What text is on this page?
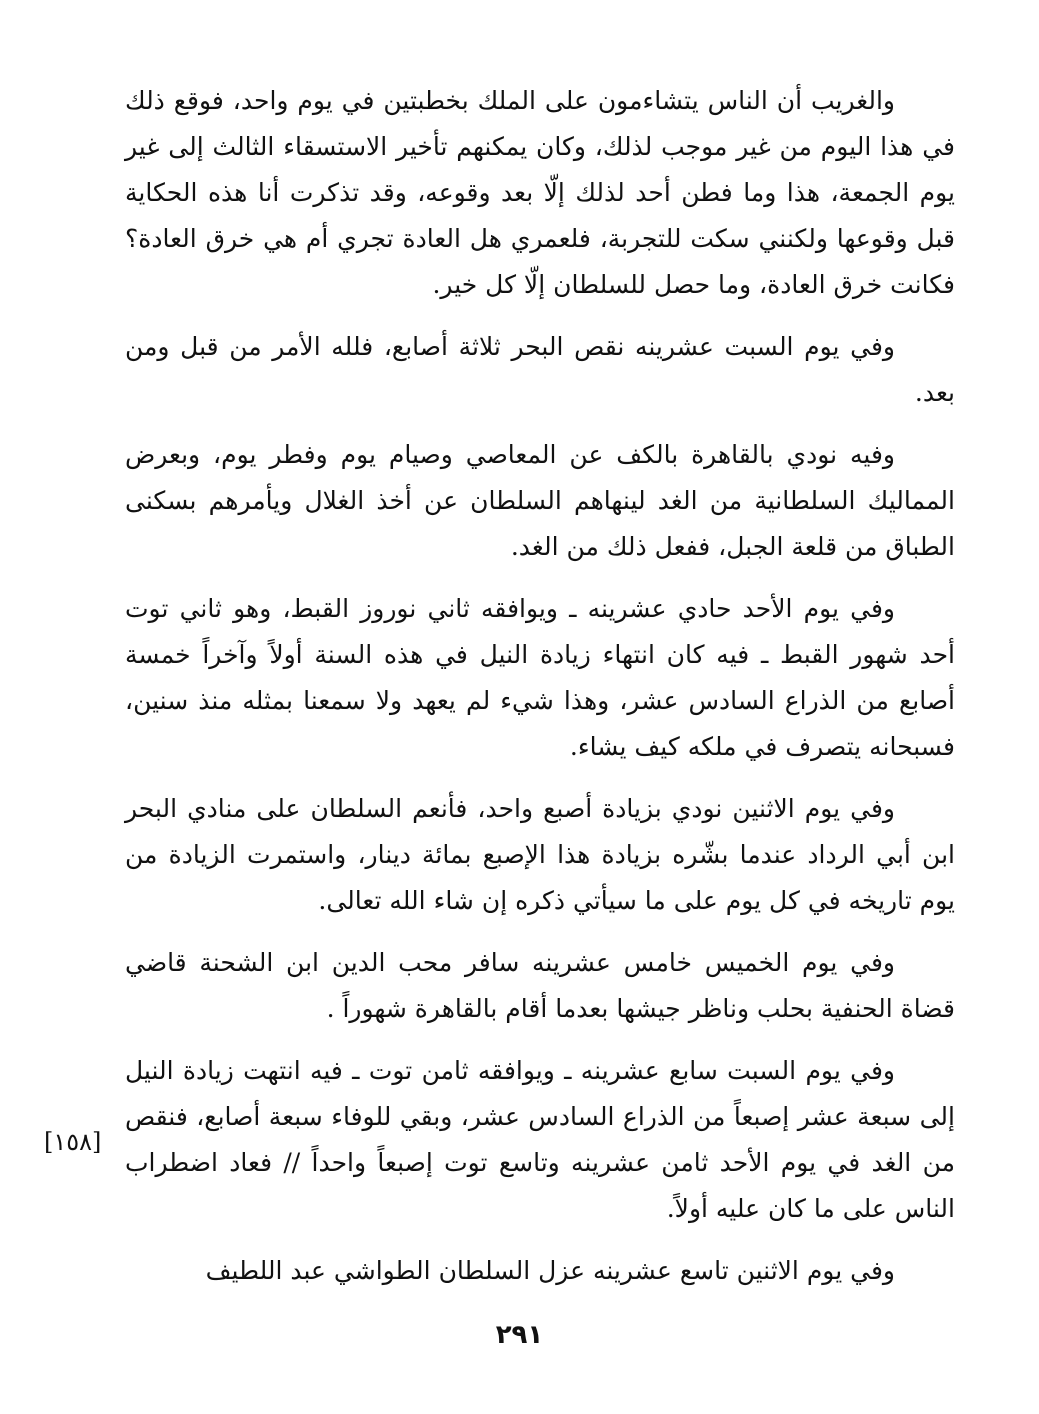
والغريب أن الناس يتشاءمون على الملك بخطبتين في يوم واحد، فوقع ذلك في هذا اليوم من غير موجب لذلك، وكان يمكنهم تأخير الاستسقاء الثالث إلى غير يوم الجمعة، هذا وما فطن أحد لذلك إلّا بعد وقوعه، وقد تذكرت أنا هذه الحكاية قبل وقوعها ولكنني سكت للتجربة، فلعمري هل العادة تجري أم هي خرق العادة؟ فكانت خرق العادة، وما حصل للسلطان إلّا كل خير.

وفي يوم السبت عشرينه نقص البحر ثلاثة أصابع، فلله الأمر من قبل ومن بعد.

وفيه نودي بالقاهرة بالكف عن المعاصي وصيام يوم وفطر يوم، وبعرض المماليك السلطانية من الغد لينهاهم السلطان عن أخذ الغلال ويأمرهم بسكنى الطباق من قلعة الجبل، ففعل ذلك من الغد.

وفي يوم الأحد حادي عشرينه ـ ويوافقه ثاني نوروز القبط، وهو ثاني توت أحد شهور القبط ـ فيه كان انتهاء زيادة النيل في هذه السنة أولاً وآخراً خمسة أصابع من الذراع السادس عشر، وهذا شيء لم يعهد ولا سمعنا بمثله منذ سنين، فسبحانه يتصرف في ملكه كيف يشاء.

وفي يوم الاثنين نودي بزيادة أصبع واحد، فأنعم السلطان على منادي البحر ابن أبي الرداد عندما بشّره بزيادة هذا الإصبع بمائة دينار، واستمرت الزيادة من يوم تاريخه في كل يوم على ما سيأتي ذكره إن شاء الله تعالى.

وفي يوم الخميس خامس عشرينه سافر محب الدين ابن الشحنة قاضي قضاة الحنفية بحلب وناظر جيشها بعدما أقام بالقاهرة شهوراً .

وفي يوم السبت سابع عشرينه ـ ويوافقه ثامن توت ـ فيه انتهت زيادة النيل إلى سبعة عشر إصبعاً من الذراع السادس عشر، وبقي للوفاء سبعة أصابع، فنقص من الغد في يوم الأحد ثامن عشرينه وتاسع توت إصبعاً واحداً // فعاد اضطراب الناس على ما كان عليه أولاً.

وفي يوم الاثنين تاسع عشرينه عزل السلطان الطواشي عبد اللطيف

[١٥٨]
٢٩١
